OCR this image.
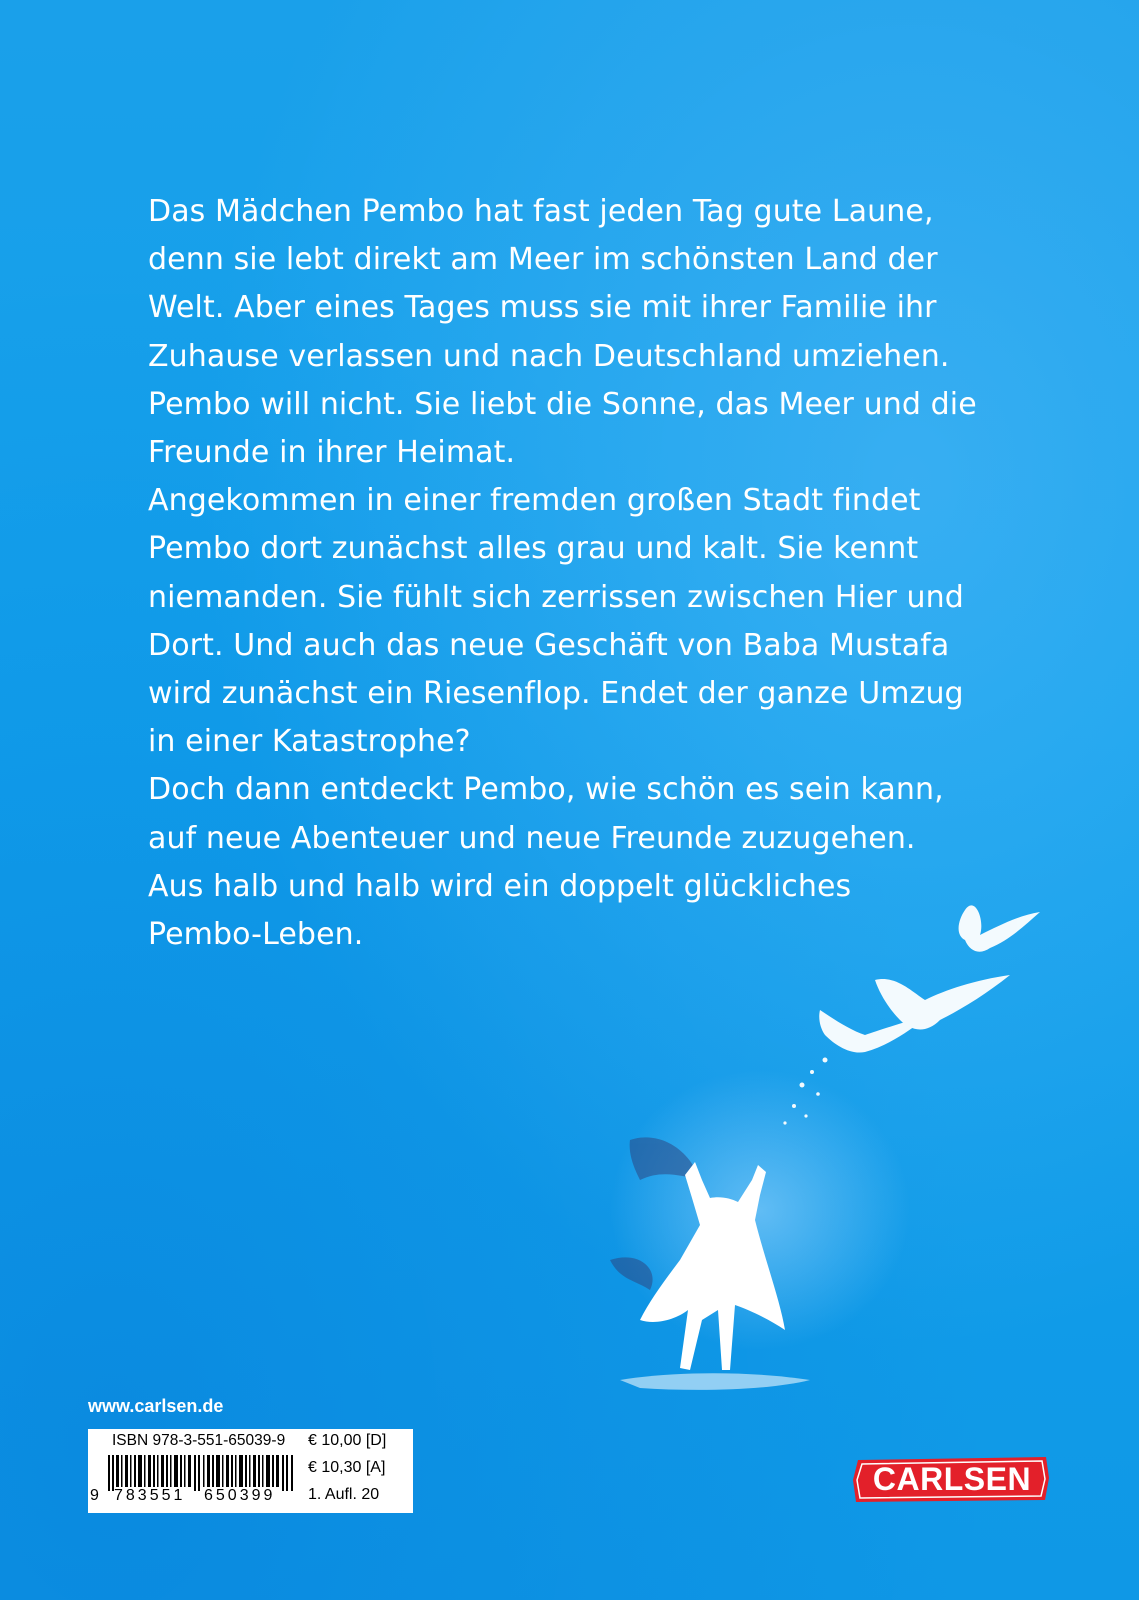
Das Mädchen Pembo hat fast jeden Tag gute Laune,
denn sie lebt direkt am Meer im schönsten Land der
Welt. Aber eines Tages muss sie mit ihrer Familie ihr
Zuhause verlassen und nach Deutschland umziehen.
Pembo will nicht. Sie liebt die Sonne, das Meer und die
Freunde in ihrer Heimat.
Angekommen in einer fremden großen Stadt findet
Pembo dort zunächst alles grau und kalt. Sie kennt
niemanden. Sie fühlt sich zerrissen zwischen Hier und
Dort. Und auch das neue Geschäft von Baba Mustafa
wird zunächst ein Riesenflop. Endet der ganze Umzug
in einer Katastrophe?
Doch dann entdeckt Pembo, wie schön es sein kann,
auf neue Abenteuer und neue Freunde zuzugehen.
Aus halb und halb wird ein doppelt glückliches
Pembo-Leben.
www.carlsen.de
ISBN 978-3-551-65039-9
9 783551 650399
€ 10,00 [D]
€ 10,30 [A]
1. Aufl. 20	CARLSEN
